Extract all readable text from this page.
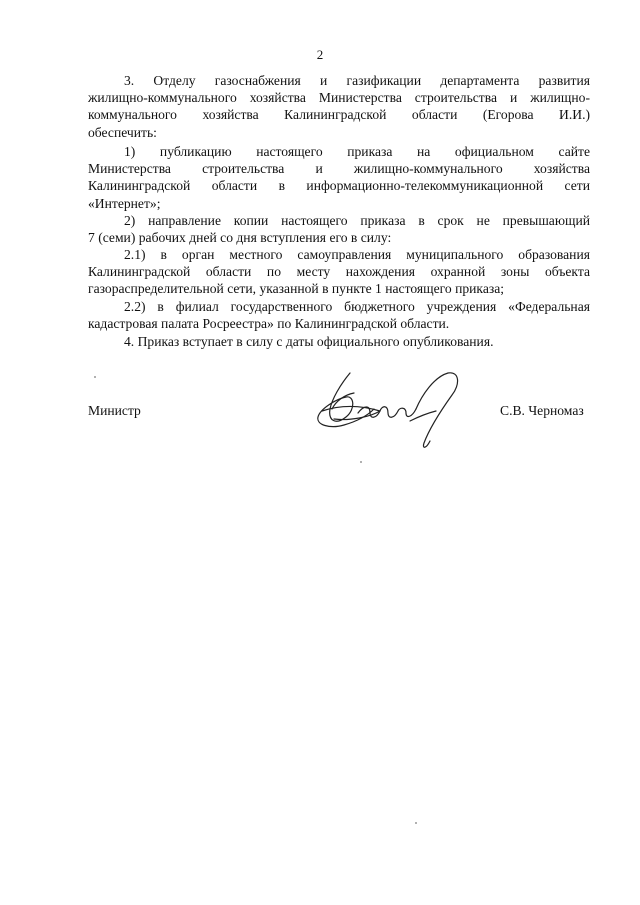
2
3. Отделу газоснабжения и газификации департамента развития
жилищно-коммунального хозяйства Министерства строительства и жилищно-
коммунального хозяйства Калининградской области (Егорова И.И.)
обеспечить:
1) публикацию настоящего приказа на официальном сайте
Министерства строительства и жилищно-коммунального хозяйства
Калининградской области в информационно-телекоммуникационной сети
«Интернет»;
2) направление копии настоящего приказа в срок не превышающий
7 (семи) рабочих дней со дня вступления его в силу:
2.1) в орган местного самоуправления муниципального образования
Калининградской области по месту нахождения охранной зоны объекта
газораспределительной сети, указанной в пункте 1 настоящего приказа;
2.2) в филиал государственного бюджетного учреждения «Федеральная
кадастровая палата Росреестра» по Калининградской области.
4. Приказ вступает в силу с даты официального опубликования.
Министр	С.В. Черномаз
